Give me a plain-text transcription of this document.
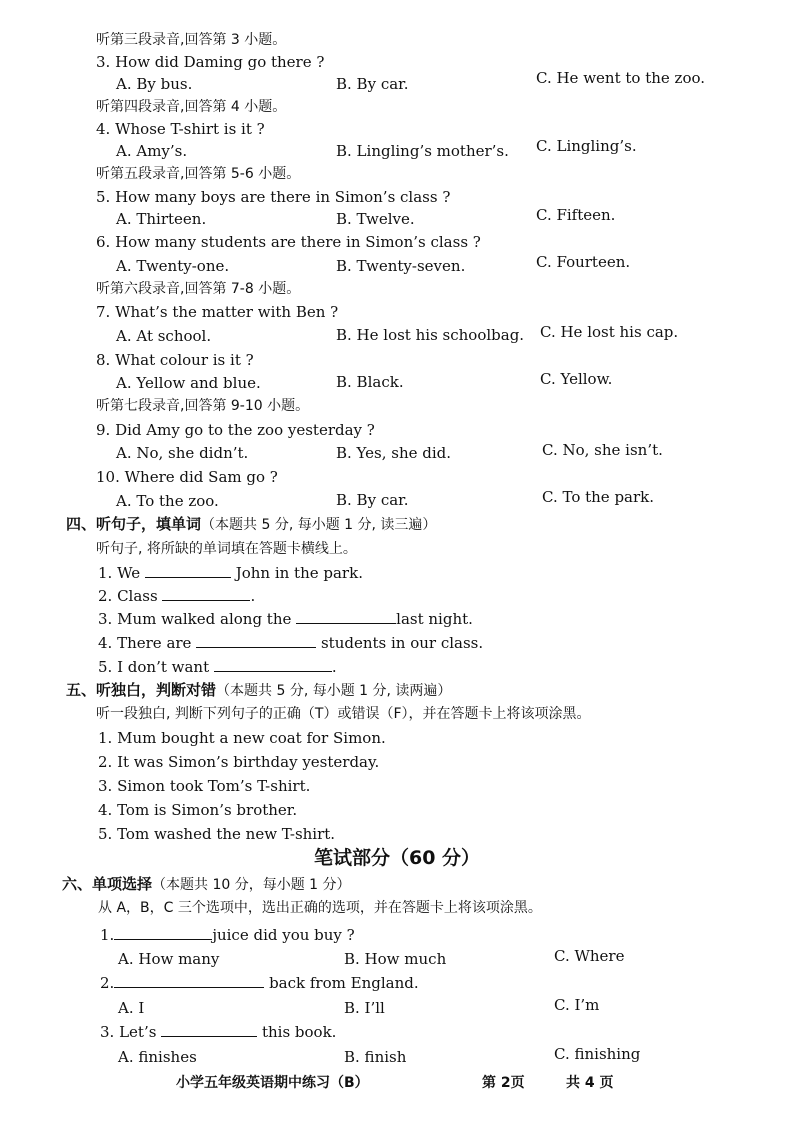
听第三段录音,回答第 3 小题。
3. How did Daming go there ?
A. By bus.	B. By car.	C. He went to the zoo.
听第四段录音,回答第 4 小题。
4. Whose T-shirt is it ?
A. Amy’s.	B. Lingling’s mother’s. C. Lingling’s.
听第五段录音,回答第 5-6 小题。
5. How many boys are there in Simon’s class ?
A. Thirteen.	B. Twelve.	C. Fifteen.
6. How many students are there in Simon’s class ?
A. Twenty-one.	B. Twenty-seven.	C. Fourteen.
听第六段录音,回答第 7-8 小题。
7. What’s the matter with Ben ?
A. At school.	B. He lost his schoolbag. C. He lost his cap.
8. What colour is it ?
A. Yellow and blue.	B. Black.	C. Yellow.
听第七段录音,回答第 9-10 小题。
9. Did Amy go to the zoo yesterday ?
A. No, she didn’t.	B. Yes, she did.	C. No, she isn’t.
10. Where did Sam go ?
A. To the zoo.	B. By car.	C. To the park.
四、听句子，填单词（本题共 5 分, 每小题 1 分, 读三遍）
听句子, 将所缺的单词填在答题卡横线上。
1. We	John in the park.
2. Class	.
3. Mum walked along the	last night.
4. There are	students in our class.
5. I don’t want	.
五、听独白，判断对错（本题共 5 分, 每小题 1 分, 读两遍）
听一段独白, 判断下列句子的正确（T）或错误（F），并在答题卡上将该项涂黑。
1. Mum bought a new coat for Simon.
2. It was Simon’s birthday yesterday.
3. Simon took Tom’s T-shirt.
4. Tom is Simon’s brother.
5. Tom washed the new T-shirt.
笔试部分（60 分）
六、单项选择（本题共 10 分，每小题 1 分）
从 A，B，C 三个选项中，选出正确的选项，并在答题卡上将该项涂黑。
1.	juice did you buy ?
A. How many	B. How much	C. Where
2.	back from England.
A. I	B. I’ll	C. I’m
3. Let’s	this book.
A. finishes	B. finish	C. finishing
小学五年级英语期中练习（B）	第 2页	共 4 页
